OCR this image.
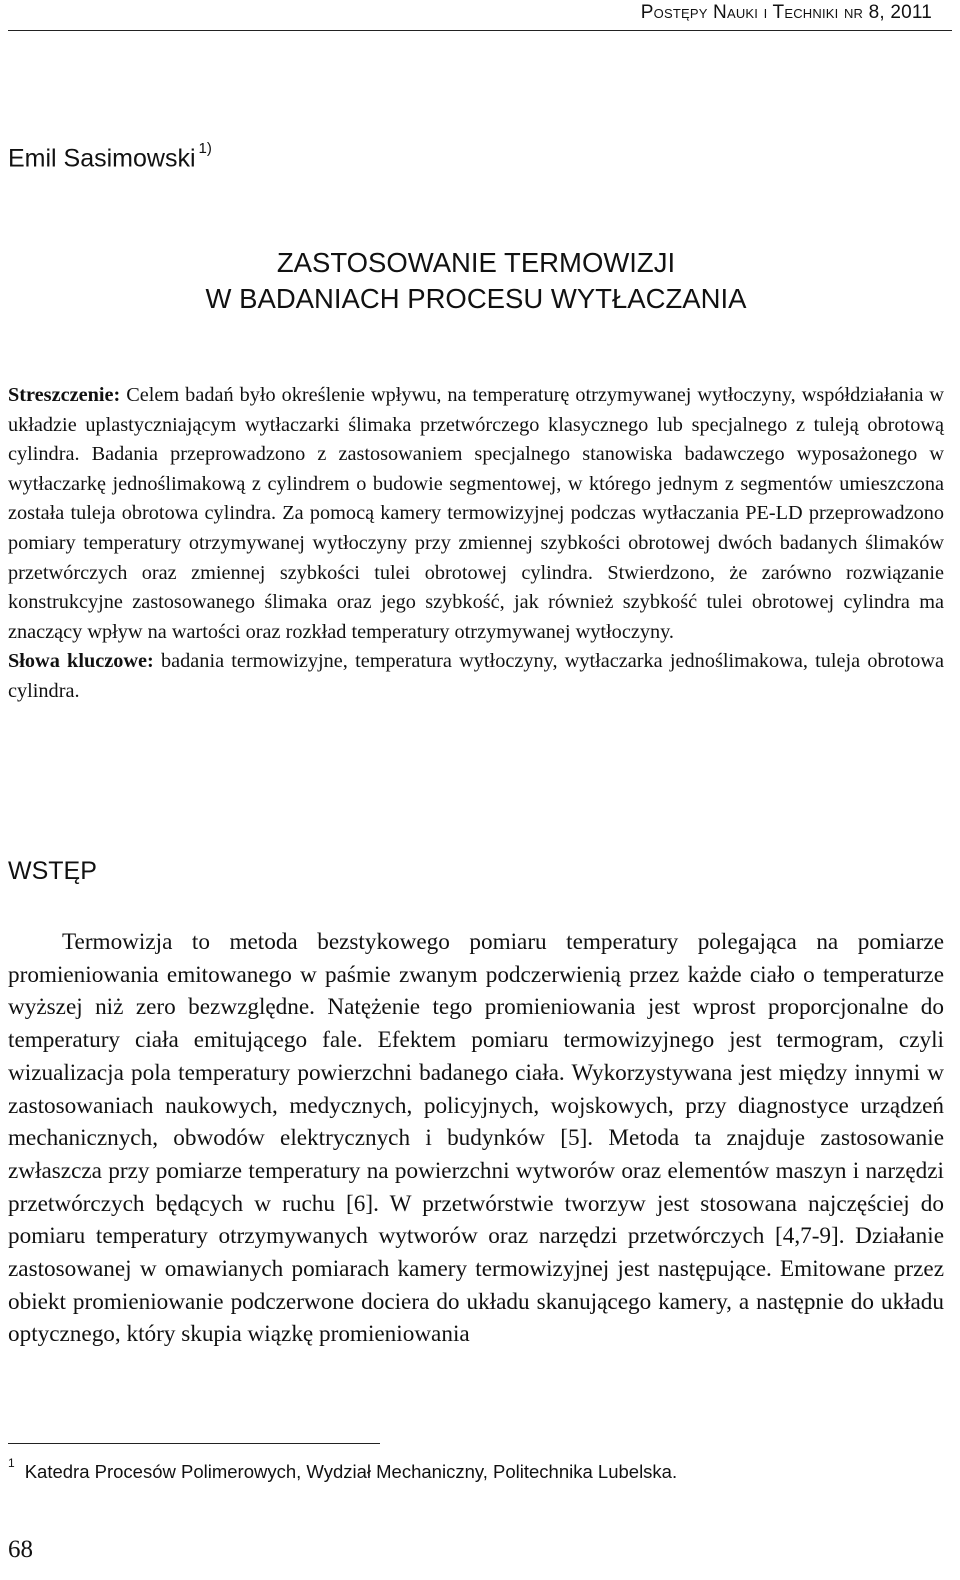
Postępy Nauki i Techniki nr 8, 2011
Emil Sasimowski $^{1)}$
ZASTOSOWANIE TERMOWIZJI
W BADANIACH PROCESU WYTŁACZANIA

Streszczenie: Celem badań było określenie wpływu, na temperaturę otrzymywanej wytłoczyny, współdziałania w układzie uplastyczniającym wytłaczarki ślimaka przetwórczego klasycznego lub specjalnego z tuleją obrotową cylindra. Badania przeprowadzono z zastosowaniem specjalnego stanowiska badawczego wyposażonego w wytłaczarkę jednoślimakową z cylindrem o budowie segmentowej, w którego jednym z segmentów umieszczona została tuleja obrotowa cylindra. Za pomocą kamery termowizyjnej podczas wytłaczania PE-LD przeprowadzono pomiary temperatury otrzymywanej wytłoczyny przy zmiennej szybkości obrotowej dwóch badanych ślimaków przetwórczych oraz zmiennej szybkości tulei obrotowej cylindra. Stwierdzono, że zarówno rozwiązanie konstrukcyjne zastosowanego ślimaka oraz jego szybkość, jak również szybkość tulei obrotowej cylindra ma znaczący wpływ na wartości oraz rozkład temperatury otrzymywanej wytłoczyny.

Słowa kluczowe: badania termowizyjne, temperatura wytłoczyny, wytłaczarka jednoślimakowa, tuleja obrotowa cylindra.

WSTĘP

Termowizja to metoda bezstykowego pomiaru temperatury polegająca na pomiarze promieniowania emitowanego w paśmie zwanym podczerwienią przez każde ciało o temperaturze wyższej niż zero bezwzględne. Natężenie tego promieniowania jest wprost proporcjonalne do temperatury ciała emitującego fale. Efektem pomiaru termowizyjnego jest termogram, czyli wizualizacja pola temperatury powierzchni badanego ciała. Wykorzystywana jest między innymi w zastosowaniach naukowych, medycznych, policyjnych, wojskowych, przy diagnostyce urządzeń mechanicznych, obwodów elektrycznych i budynków [5]. Metoda ta znajduje zastosowanie zwłaszcza przy pomiarze temperatury na powierzchni wytworów oraz elementów maszyn i narzędzi przetwórczych będących w ruchu [6]. W przetwórstwie tworzyw jest stosowana najczęściej do pomiaru temperatury otrzymywanych wytworów oraz narzędzi przetwórczych [4,7-9]. Działanie zastosowanej w omawianych pomiarach kamery termowizyjnej jest następujące. Emitowane przez obiekt promieniowanie podczerwone dociera do układu skanującego kamery, a następnie do układu optycznego, który skupia wiązkę promieniowania

$^1$ Katedra Procesów Polimerowych, Wydział Mechaniczny, Politechnika Lubelska.
68
